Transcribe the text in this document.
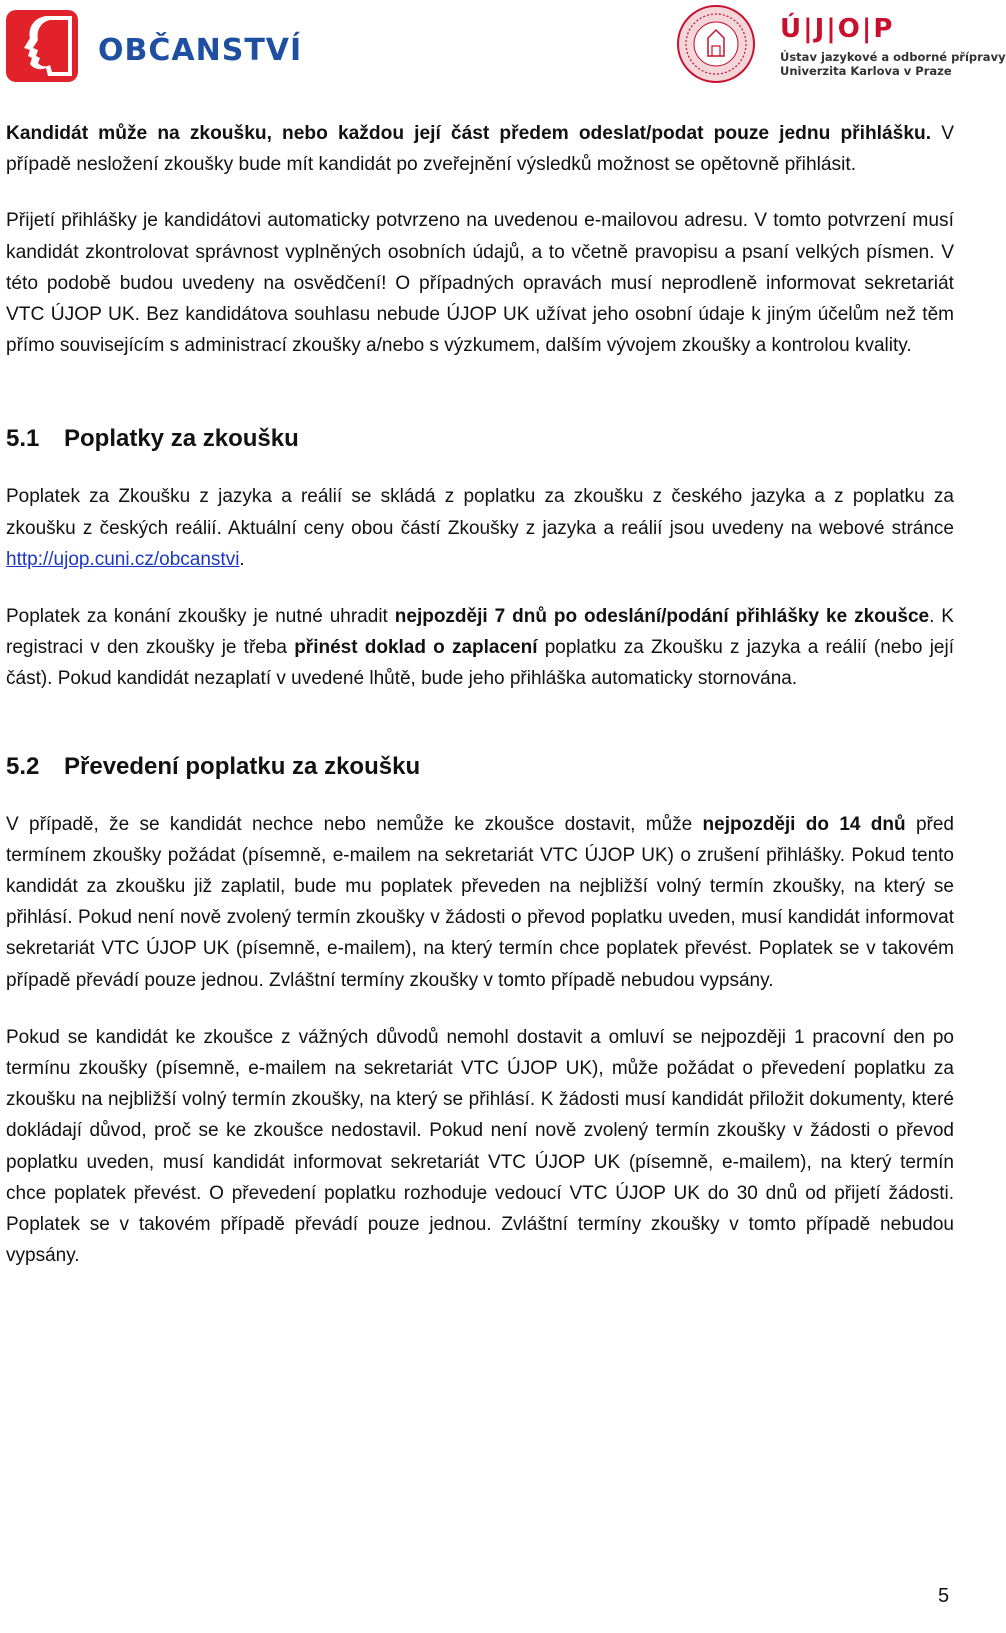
OBČANSTVÍ
Ú|J|O|P
Ústav jazykové a odborné přípravy
Univerzita Karlova v Praze

Kandidát může na zkoušku, nebo každou její část předem odeslat/podat pouze jednu přihlášku. V případě nesložení zkoušky bude mít kandidát po zveřejnění výsledků možnost se opětovně přihlásit.

Přijetí přihlášky je kandidátovi automaticky potvrzeno na uvedenou e-mailovou adresu. V tomto potvrzení musí kandidát zkontrolovat správnost vyplněných osobních údajů, a to včetně pravopisu a psaní velkých písmen. V této podobě budou uvedeny na osvědčení! O případných opravách musí neprodleně informovat sekretariát VTC ÚJOP UK. Bez kandidátova souhlasu nebude ÚJOP UK užívat jeho osobní údaje k jiným účelům než těm přímo souvisejícím s administrací zkoušky a/nebo s výzkumem, dalším vývojem zkoušky a kontrolou kvality.

5.1 Poplatky za zkoušku

Poplatek za Zkoušku z jazyka a reálií se skládá z poplatku za zkoušku z českého jazyka a z poplatku za zkoušku z českých reálií. Aktuální ceny obou částí Zkoušky z jazyka a reálií jsou uvedeny na webové stránce http://ujop.cuni.cz/obcanstvi.

Poplatek za konání zkoušky je nutné uhradit nejpozději 7 dnů po odeslání/podání přihlášky ke zkoušce. K registraci v den zkoušky je třeba přinést doklad o zaplacení poplatku za Zkoušku z jazyka a reálií (nebo její část). Pokud kandidát nezaplatí v uvedené lhůtě, bude jeho přihláška automaticky stornována.

5.2 Převedení poplatku za zkoušku

V případě, že se kandidát nechce nebo nemůže ke zkoušce dostavit, může nejpozději do 14 dnů před termínem zkoušky požádat (písemně, e-mailem na sekretariát VTC ÚJOP UK) o zrušení přihlášky. Pokud tento kandidát za zkoušku již zaplatil, bude mu poplatek převeden na nejbližší volný termín zkoušky, na který se přihlásí. Pokud není nově zvolený termín zkoušky v žádosti o převod poplatku uveden, musí kandidát informovat sekretariát VTC ÚJOP UK (písemně, e-mailem), na který termín chce poplatek převést. Poplatek se v takovém případě převádí pouze jednou. Zvláštní termíny zkoušky v tomto případě nebudou vypsány.

Pokud se kandidát ke zkoušce z vážných důvodů nemohl dostavit a omluví se nejpozději 1 pracovní den po termínu zkoušky (písemně, e-mailem na sekretariát VTC ÚJOP UK), může požádat o převedení poplatku za zkoušku na nejbližší volný termín zkoušky, na který se přihlásí. K žádosti musí kandidát přiložit dokumenty, které dokládají důvod, proč se ke zkoušce nedostavil. Pokud není nově zvolený termín zkoušky v žádosti o převod poplatku uveden, musí kandidát informovat sekretariát VTC ÚJOP UK (písemně, e-mailem), na který termín chce poplatek převést. O převedení poplatku rozhoduje vedoucí VTC ÚJOP UK do 30 dnů od přijetí žádosti. Poplatek se v takovém případě převádí pouze jednou. Zvláštní termíny zkoušky v tomto případě nebudou vypsány.

5
